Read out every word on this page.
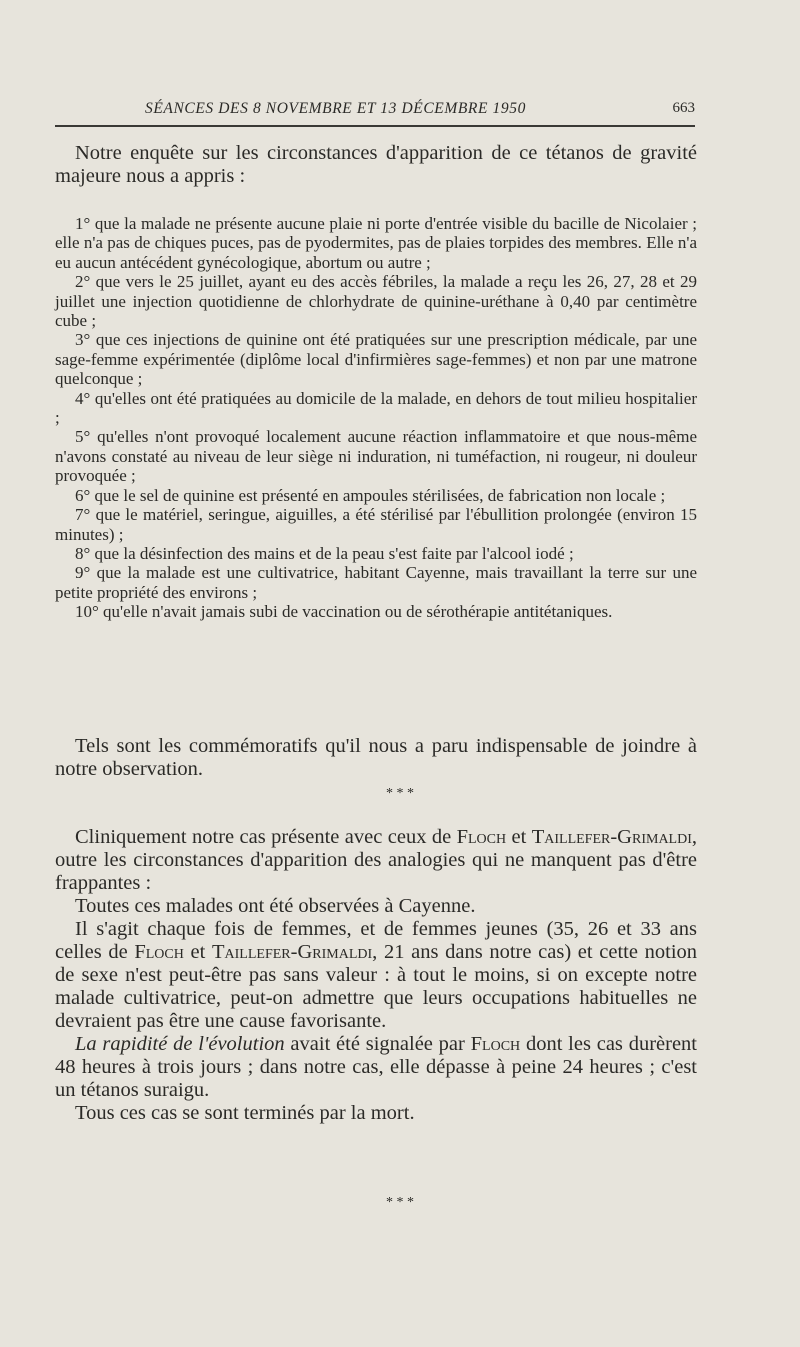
SÉANCES DES 8 NOVEMBRE ET 13 DÉCEMBRE 1950	663

Notre enquête sur les circonstances d'apparition de ce tétanos de gravité majeure nous a appris :

1° que la malade ne présente aucune plaie ni porte d'entrée visible du bacille de Nicolaier ; elle n'a pas de chiques puces, pas de pyodermites, pas de plaies torpides des membres. Elle n'a eu aucun antécédent gynécologique, abortum ou autre ;

2° que vers le 25 juillet, ayant eu des accès fébriles, la malade a reçu les 26, 27, 28 et 29 juillet une injection quotidienne de chlorhydrate de quinine-uréthane à 0,40 par centimètre cube ;

3° que ces injections de quinine ont été pratiquées sur une prescription médicale, par une sage-femme expérimentée (diplôme local d'infirmières sage-femmes) et non par une matrone quelconque ;

4° qu'elles ont été pratiquées au domicile de la malade, en dehors de tout milieu hospitalier ;

5° qu'elles n'ont provoqué localement aucune réaction inflammatoire et que nous-même n'avons constaté au niveau de leur siège ni induration, ni tuméfaction, ni rougeur, ni douleur provoquée ;

6° que le sel de quinine est présenté en ampoules stérilisées, de fabrication non locale ;

7° que le matériel, seringue, aiguilles, a été stérilisé par l'ébullition prolongée (environ 15 minutes) ;

8° que la désinfection des mains et de la peau s'est faite par l'alcool iodé ;

9° que la malade est une cultivatrice, habitant Cayenne, mais travaillant la terre sur une petite propriété des environs ;

10° qu'elle n'avait jamais subi de vaccination ou de sérothérapie antitétaniques.

Tels sont les commémoratifs qu'il nous a paru indispensable de joindre à notre observation.

* * *

Cliniquement notre cas présente avec ceux de Floch et Taillefer-Grimaldi, outre les circonstances d'apparition des analogies qui ne manquent pas d'être frappantes :

Toutes ces malades ont été observées à Cayenne.

Il s'agit chaque fois de femmes, et de femmes jeunes (35, 26 et 33 ans celles de Floch et Taillefer-Grimaldi, 21 ans dans notre cas) et cette notion de sexe n'est peut-être pas sans valeur : à tout le moins, si on excepte notre malade cultivatrice, peut-on admettre que leurs occupations habituelles ne devraient pas être une cause favorisante.

La rapidité de l'évolution avait été signalée par Floch dont les cas durèrent 48 heures à trois jours ; dans notre cas, elle dépasse à peine 24 heures ; c'est un tétanos suraigu.

Tous ces cas se sont terminés par la mort.

* * *
